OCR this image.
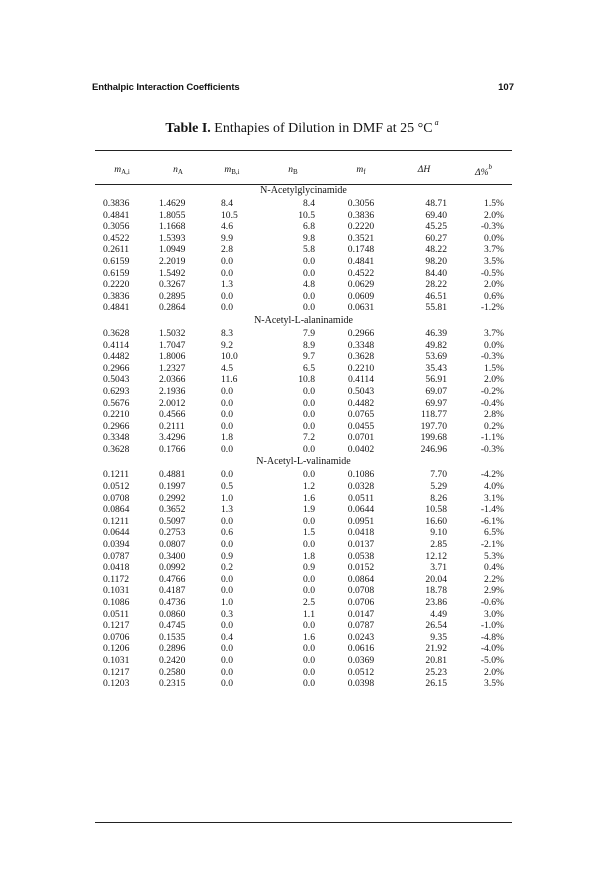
Enthalpic Interaction Coefficients	107
Table I. Enthapies of Dilution in DMF at 25 °C $^a$
$m_{A,i}$	$n_A$	$m_{B,i}$	$n_B$	$m_f$	ΔH	Δ%$^b$
N-Acetylglycinamide						
0.3836	1.4629	8.4	8.4	0.3056	48.71	1.5%
0.4841	1.8055	10.5	10.5	0.3836	69.40	2.0%
0.3056	1.1668	4.6	6.8	0.2220	45.25	-0.3%
0.4522	1.5393	9.9	9.8	0.3521	60.27	0.0%
0.2611	1.0949	2.8	5.8	0.1748	48.22	3.7%
0.6159	2.2019	0.0	0.0	0.4841	98.20	3.5%
0.6159	1.5492	0.0	0.0	0.4522	84.40	-0.5%
0.2220	0.3267	1.3	4.8	0.0629	28.22	2.0%
0.3836	0.2895	0.0	0.0	0.0609	46.51	0.6%
0.4841	0.2864	0.0	0.0	0.0631	55.81	-1.2%
N-Acetyl-L-alaninamide						
0.3628	1.5032	8.3	7.9	0.2966	46.39	3.7%
0.4114	1.7047	9.2	8.9	0.3348	49.82	0.0%
0.4482	1.8006	10.0	9.7	0.3628	53.69	-0.3%
0.2966	1.2327	4.5	6.5	0.2210	35.43	1.5%
0.5043	2.0366	11.6	10.8	0.4114	56.91	2.0%
0.6293	2.1936	0.0	0.0	0.5043	69.07	-0.2%
0.5676	2.0012	0.0	0.0	0.4482	69.97	-0.4%
0.2210	0.4566	0.0	0.0	0.0765	118.77	2.8%
0.2966	0.2111	0.0	0.0	0.0455	197.70	0.2%
0.3348	3.4296	1.8	7.2	0.0701	199.68	-1.1%
0.3628	0.1766	0.0	0.0	0.0402	246.96	-0.3%
N-Acetyl-L-valinamide						
0.1211	0.4881	0.0	0.0	0.1086	7.70	-4.2%
0.0512	0.1997	0.5	1.2	0.0328	5.29	4.0%
0.0708	0.2992	1.0	1.6	0.0511	8.26	3.1%
0.0864	0.3652	1.3	1.9	0.0644	10.58	-1.4%
0.1211	0.5097	0.0	0.0	0.0951	16.60	-6.1%
0.0644	0.2753	0.6	1.5	0.0418	9.10	6.5%
0.0394	0.0807	0.0	0.0	0.0137	2.85	-2.1%
0.0787	0.3400	0.9	1.8	0.0538	12.12	5.3%
0.0418	0.0992	0.2	0.9	0.0152	3.71	0.4%
0.1172	0.4766	0.0	0.0	0.0864	20.04	2.2%
0.1031	0.4187	0.0	0.0	0.0708	18.78	2.9%
0.1086	0.4736	1.0	2.5	0.0706	23.86	-0.6%
0.0511	0.0860	0.3	1.1	0.0147	4.49	3.0%
0.1217	0.4745	0.0	0.0	0.0787	26.54	-1.0%
0.0706	0.1535	0.4	1.6	0.0243	9.35	-4.8%
0.1206	0.2896	0.0	0.0	0.0616	21.92	-4.0%
0.1031	0.2420	0.0	0.0	0.0369	20.81	-5.0%
0.1217	0.2580	0.0	0.0	0.0512	25.23	2.0%
0.1203	0.2315	0.0	0.0	0.0398	26.15	3.5%
